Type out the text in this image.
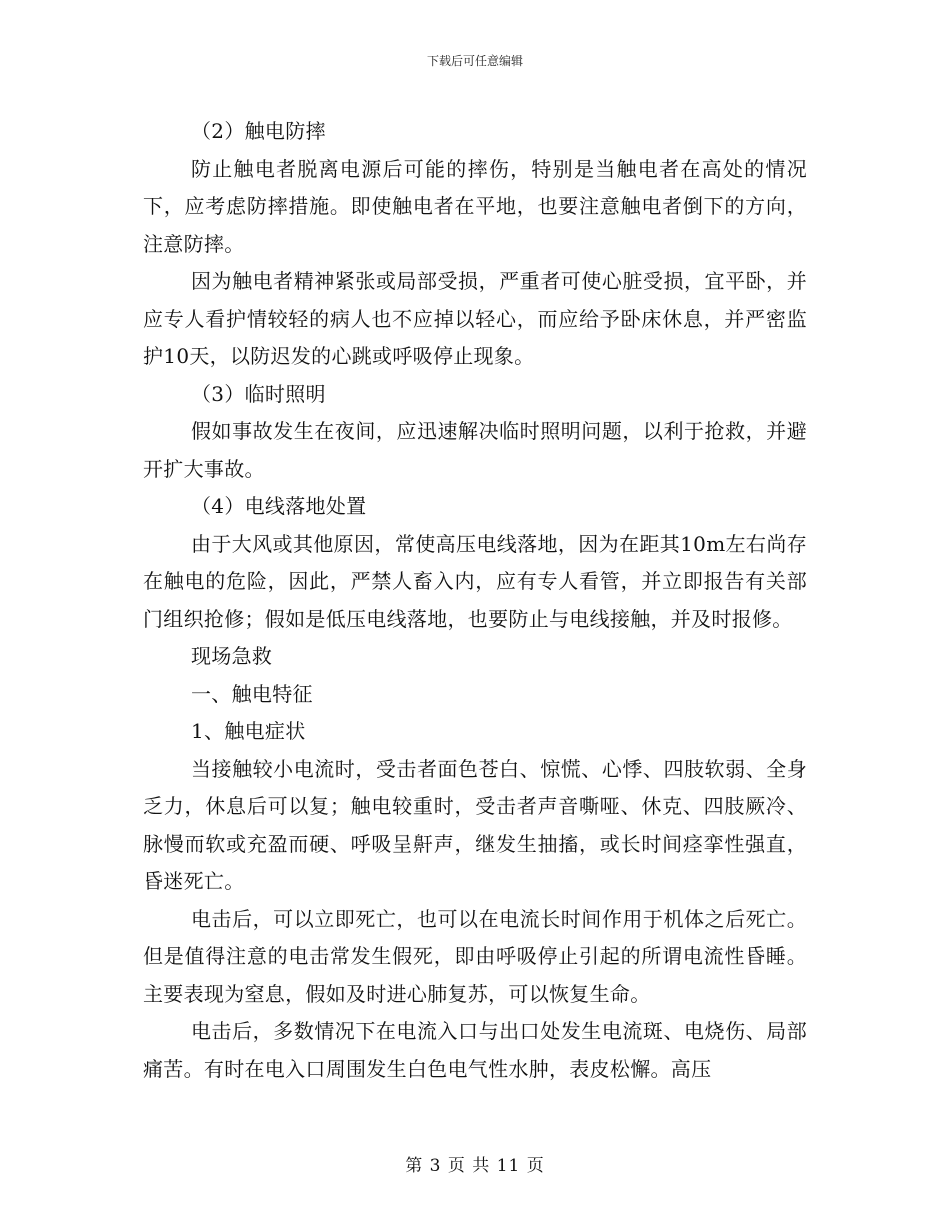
下载后可任意编辑

（2）触电防摔

防止触电者脱离电源后可能的摔伤，特别是当触电者在高处的情况下，应考虑防摔措施。即使触电者在平地，也要注意触电者倒下的方向，注意防摔。

因为触电者精神紧张或局部受损，严重者可使心脏受损，宜平卧，并应专人看护情较轻的病人也不应掉以轻心，而应给予卧床休息，并严密监护10天，以防迟发的心跳或呼吸停止现象。

（3）临时照明

假如事故发生在夜间，应迅速解决临时照明问题，以利于抢救，并避开扩大事故。

（4）电线落地处置

由于大风或其他原因，常使高压电线落地，因为在距其10m左右尚存在触电的危险，因此，严禁人畜入内，应有专人看管，并立即报告有关部门组织抢修；假如是低压电线落地，也要防止与电线接触，并及时报修。

现场急救

一、触电特征

1、触电症状

当接触较小电流时，受击者面色苍白、惊慌、心悸、四肢软弱、全身乏力，休息后可以复；触电较重时，受击者声音嘶哑、休克、四肢厥冷、脉慢而软或充盈而硬、呼吸呈鼾声，继发生抽搐，或长时间痉挛性强直，昏迷死亡。

电击后，可以立即死亡，也可以在电流长时间作用于机体之后死亡。但是值得注意的电击常发生假死，即由呼吸停止引起的所谓电流性昏睡。主要表现为窒息，假如及时进心肺复苏，可以恢复生命。

电击后，多数情况下在电流入口与出口处发生电流斑、电烧伤、局部痛苦。有时在电入口周围发生白色电气性水肿，表皮松懈。高压

第 3 页 共 11 页
